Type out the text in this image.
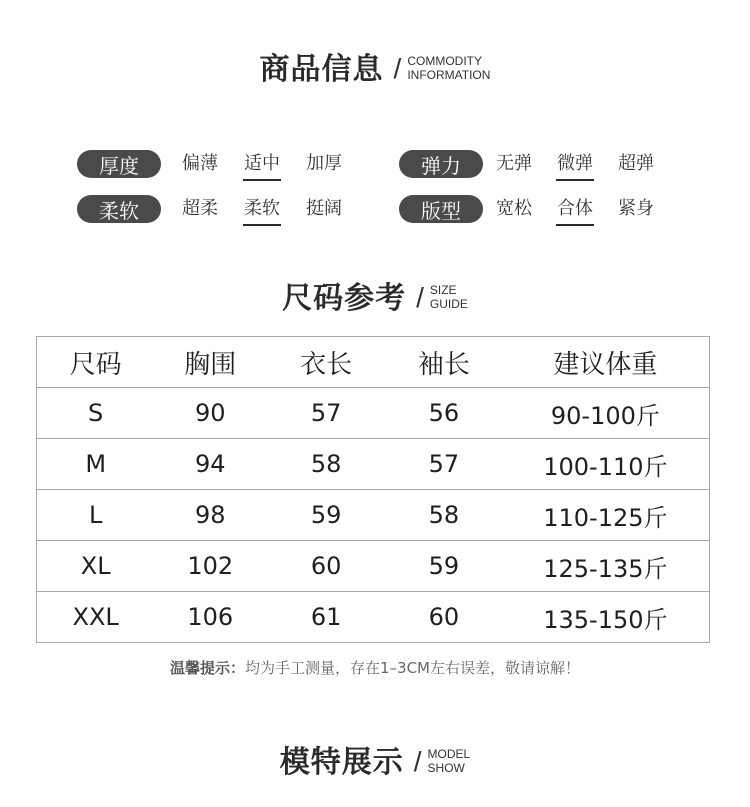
商品信息 / COMMODITY
INFORMATION
厚度	偏薄 适中 加厚	弹力	无弹 微弹 超弹
柔软	超柔 柔软 挺阔	版型	宽松 合体 紧身
尺码参考 / SIZE
GUIDE
尺码	胸围	衣长	袖长	建议体重
S	90	57	56	90-100斤
M	94	58	57	100-110斤
L	98	59	58	110-125斤
XL	102	60	59	125-135斤
XXL	106	61	60	135-150斤
温馨提示：均为手工测量，存在1–3CM左右误差，敬请谅解！
模特展示 / MODEL
SHOW
